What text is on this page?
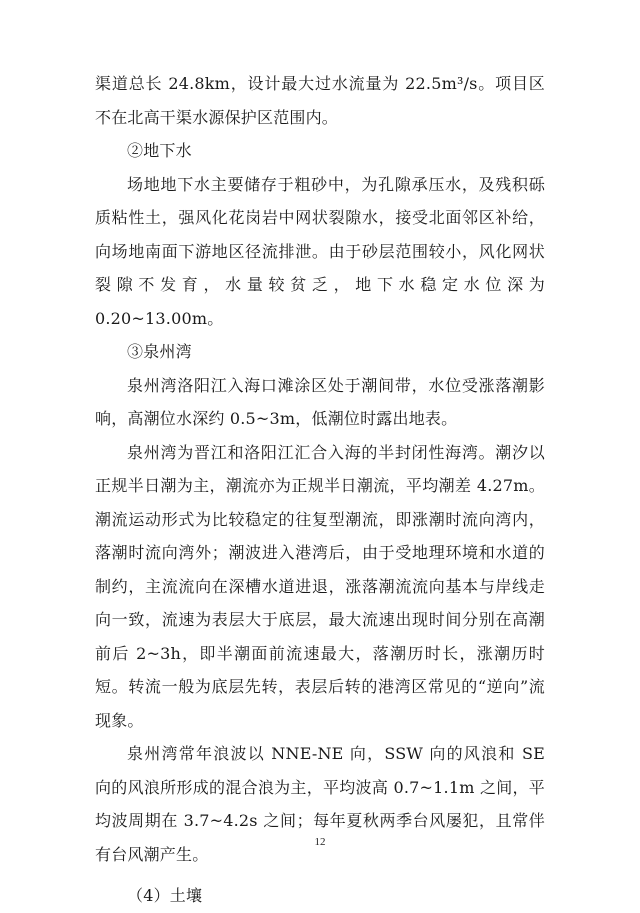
渠道总长 24.8km，设计最大过水流量为 22.5m³/s。项目区不在北高干渠水源保护区范围内。

②地下水

场地地下水主要储存于粗砂中，为孔隙承压水，及残积砾质粘性土，强风化花岗岩中网状裂隙水，接受北面邻区补给，向场地南面下游地区径流排泄。由于砂层范围较小，风化网状裂隙不发育，水量较贫乏，地下水稳定水位深为 0.20~13.00m。

③泉州湾

泉州湾洛阳江入海口滩涂区处于潮间带，水位受涨落潮影响，高潮位水深约 0.5~3m，低潮位时露出地表。

泉州湾为晋江和洛阳江汇合入海的半封闭性海湾。潮汐以正规半日潮为主，潮流亦为正规半日潮流，平均潮差 4.27m。潮流运动形式为比较稳定的往复型潮流，即涨潮时流向湾内，落潮时流向湾外；潮波进入港湾后，由于受地理环境和水道的制约，主流流向在深槽水道进退，涨落潮流流向基本与岸线走向一致，流速为表层大于底层，最大流速出现时间分别在高潮前后 2~3h，即半潮面前流速最大，落潮历时长，涨潮历时短。转流一般为底层先转，表层后转的港湾区常见的“逆向”流现象。

泉州湾常年浪波以 NNE-NE 向，SSW 向的风浪和 SE 向的风浪所形成的混合浪为主，平均波高 0.7~1.1m 之间，平均波周期在 3.7~4.2s 之间；每年夏秋两季台风屡犯，且常伴有台风潮产生。

（4）土壤

12
